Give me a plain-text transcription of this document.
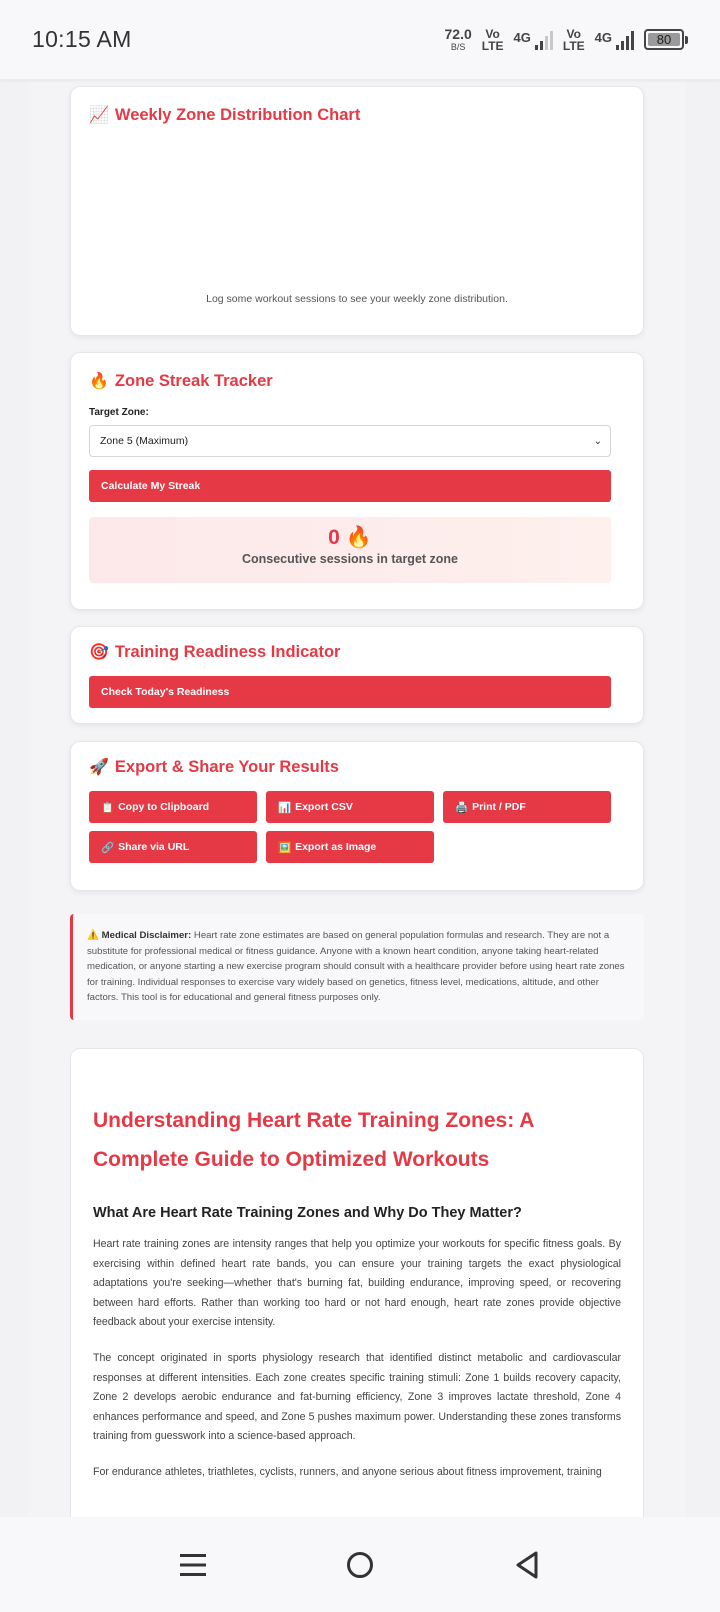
10:15 AM	72.0
B/S
Vo
LTE
4G	Vo
LTE
4G	80
📈 Weekly Zone Distribution Chart
Log some workout sessions to see your weekly zone distribution.
🔥 Zone Streak Tracker
Target Zone:
Zone 5 (Maximum)	⌄
Calculate My Streak
0 🔥
Consecutive sessions in target zone
🎯 Training Readiness Indicator
Check Today's Readiness
🚀 Export & Share Your Results
📋 Copy to Clipboard	📊 Export CSV	🖨️ Print / PDF
🔗 Share via URL	🖼️ Export as Image
⚠️ Medical Disclaimer: Heart rate zone estimates are based on general population formulas and research. They are not a substitute for professional medical or fitness guidance. Anyone with a known heart condition, anyone taking heart-related medication, or anyone starting a new exercise program should consult with a healthcare provider before using heart rate zones for training. Individual responses to exercise vary widely based on genetics, fitness level, medications, altitude, and other factors. This tool is for educational and general fitness purposes only.
Understanding Heart Rate Training Zones: A Complete Guide to Optimized Workouts
What Are Heart Rate Training Zones and Why Do They Matter?

Heart rate training zones are intensity ranges that help you optimize your workouts for specific fitness goals. By exercising within defined heart rate bands, you can ensure your training targets the exact physiological adaptations you're seeking—whether that's burning fat, building endurance, improving speed, or recovering between hard efforts. Rather than working too hard or not hard enough, heart rate zones provide objective feedback about your exercise intensity.

The concept originated in sports physiology research that identified distinct metabolic and cardiovascular responses at different intensities. Each zone creates specific training stimuli: Zone 1 builds recovery capacity, Zone 2 develops aerobic endurance and fat-burning efficiency, Zone 3 improves lactate threshold, Zone 4 enhances performance and speed, and Zone 5 pushes maximum power. Understanding these zones transforms training from guesswork into a science-based approach.

For endurance athletes, triathletes, cyclists, runners, and anyone serious about fitness improvement, training
